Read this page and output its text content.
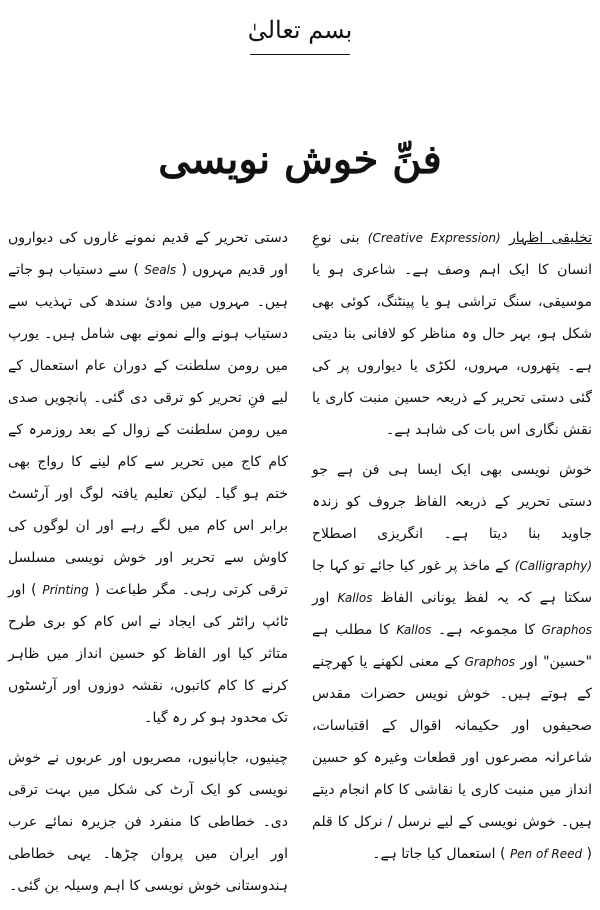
بسم تعالیٰ
فنِّ خوش نویسی

تخلیقی اظہار (Creative Expression) بنی نوعِ انسان کا ایک اہم وصف ہے۔ شاعری ہو یا موسیقی، سنگ تراشی ہو یا پینٹنگ، کوئی بھی شکل ہو، بہر حال وہ مناظر کو لافانی بنا دیتی ہے۔ پتھروں، مہروں، لکڑی یا دیواروں پر کی گئی دستی تحریر کے ذریعہ حسین منبت کاری یا نقش نگاری اس بات کی شاہد ہے۔

خوش نویسی بھی ایک ایسا ہی فن ہے جو دستی تحریر کے ذریعہ الفاظ جروف کو زندہ جاوید بنا دیتا ہے۔ انگریزی اصطلاح (Calligraphy) کے ماخذ پر غور کیا جائے تو کہا جا سکتا ہے کہ یہ لفظ یونانی الفاظ Kallos اور Graphos کا مجموعہ ہے۔ Kallos کا مطلب ہے "حسین" اور Graphos کے معنی لکھنے یا کھرچنے کے ہوتے ہیں۔ خوش نویس حضرات مقدس صحیفوں اور حکیمانہ اقوال کے اقتباسات، شاعرانہ مصرعوں اور قطعات وغیرہ کو حسین انداز میں منبت کاری یا نقاشی کا کام انجام دیتے ہیں۔ خوش نویسی کے لیے نرسل / نرکل کا قلم ( Pen of Reed ) استعمال کیا جاتا ہے۔

دستی تحریر کے قدیم نمونے غاروں کی دیواروں اور قدیم مہروں ( Seals ) سے دستیاب ہو جاتے ہیں۔ مہروں میں وادیٔ سندھ کی تہذیب سے دستیاب ہونے والے نمونے بھی شامل ہیں۔ یورپ میں رومن سلطنت کے دوران عام استعمال کے لیے فنِ تحریر کو ترقی دی گئی۔ پانچویں صدی میں رومن سلطنت کے زوال کے بعد روزمرہ کے کام کاج میں تحریر سے کام لینے کا رواج بھی ختم ہو گیا۔ لیکن تعلیم یافتہ لوگ اور آرٹسٹ برابر اس کام میں لگے رہے اور ان لوگوں کی کاوش سے تحریر اور خوش نویسی مسلسل ترقی کرتی رہی۔ مگر طباعت ( Printing ) اور ٹائپ رائٹر کی ایجاد نے اس کام کو بری طرح متاثر کیا اور الفاظ کو حسین انداز میں ظاہر کرنے کا کام کاتبوں، نقشہ دوزوں اور آرٹسٹوں تک محدود ہو کر رہ گیا۔

چینیوں، جاپانیوں، مصریوں اور عربوں نے خوش نویسی کو ایک آرٹ کی شکل میں بہت ترقی دی۔ خطاطی کا منفرد فن جزیرہ نمائے عرب اور ایران میں پروان چڑھا۔ یہی خطاطی ہندوستانی خوش نویسی کا اہم وسیلہ بن گئی۔
